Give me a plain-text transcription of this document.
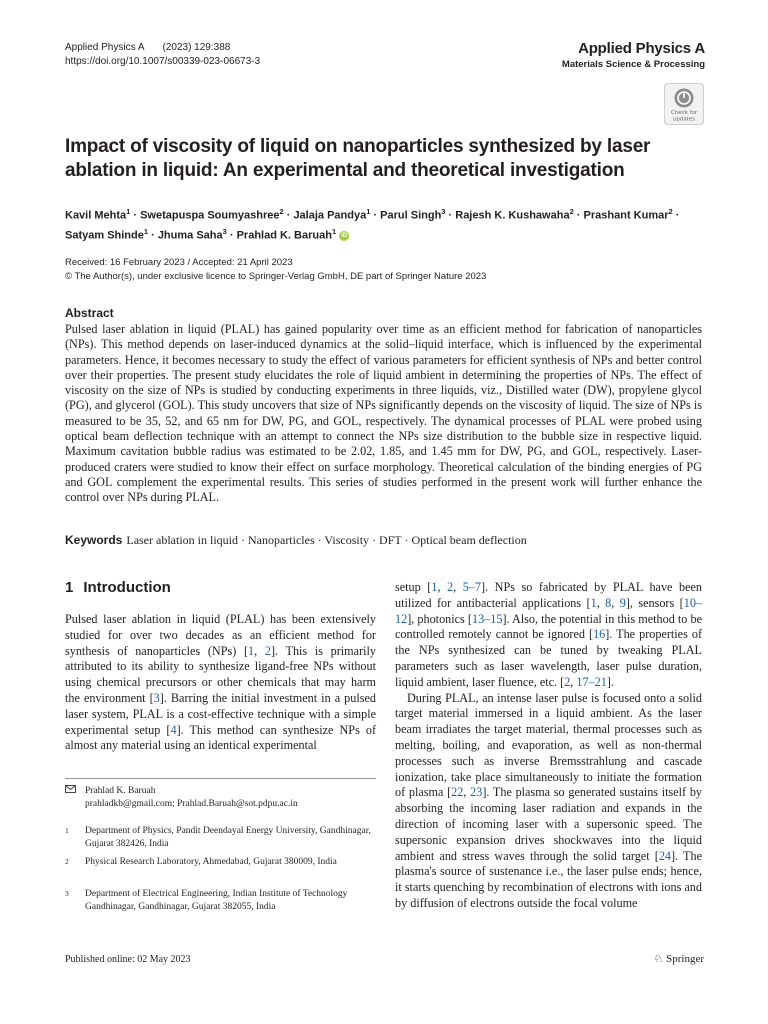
Applied Physics A (2023) 129:388
https://doi.org/10.1007/s00339-023-06673-3
Applied Physics A
Materials Science & Processing
Check for
updates
Impact of viscosity of liquid on nanoparticles synthesized by laser ablation in liquid: An experimental and theoretical investigation
Kavil Mehta$^1$ · Swetapuspa Soumyashree$^2$ · Jalaja Pandya$^1$ · Parul Singh$^3$ · Rajesh K. Kushawaha$^2$ · Prashant Kumar$^2$ · Satyam Shinde$^1$ · Jhuma Saha$^3$ · Prahlad K. Baruah$^1$ iD
Received: 16 February 2023 / Accepted: 21 April 2023
© The Author(s), under exclusive licence to Springer-Verlag GmbH, DE part of Springer Nature 2023
Abstract
Pulsed laser ablation in liquid (PLAL) has gained popularity over time as an efficient method for fabrication of nanoparticles (NPs). This method depends on laser-induced dynamics at the solid–liquid interface, which is influenced by the experimental parameters. Hence, it becomes necessary to study the effect of various parameters for efficient synthesis of NPs and better control over their properties. The present study elucidates the role of liquid ambient in determining the properties of NPs. The effect of viscosity on the size of NPs is studied by conducting experiments in three liquids, viz., Distilled water (DW), propylene glycol (PG), and glycerol (GOL). This study uncovers that size of NPs significantly depends on the viscosity of liquid. The size of NPs is measured to be 35, 52, and 65 nm for DW, PG, and GOL, respectively. The dynamical processes of PLAL were probed using optical beam deflection technique with an attempt to connect the NPs size distribution to the bubble size in respective liquid. Maximum cavitation bubble radius was estimated to be 2.02, 1.85, and 1.45 mm for DW, PG, and GOL, respectively. Laser-produced craters were studied to know their effect on surface morphology. Theoretical calculation of the binding energies of PG and GOL complement the experimental results. This series of studies performed in the present work will further enhance the control over NPs during PLAL.
Keywords Laser ablation in liquid · Nanoparticles · Viscosity · DFT · Optical beam deflection
1 Introduction

Pulsed laser ablation in liquid (PLAL) has been extensively studied for over two decades as an efficient method for synthesis of nanoparticles (NPs) [1, 2]. This is primarily attributed to its ability to synthesize ligand-free NPs without using chemical precursors or other chemicals that may harm the environment [3]. Barring the initial investment in a pulsed laser system, PLAL is a cost-effective technique with a simple experimental setup [4]. This method can synthesize NPs of almost any material using an identical experimental

setup [1, 2, 5–7]. NPs so fabricated by PLAL have been utilized for antibacterial applications [1, 8, 9], sensors [10–12], photonics [13–15]. Also, the potential in this method to be controlled remotely cannot be ignored [16]. The properties of the NPs synthesized can be tuned by tweaking PLAL parameters such as laser wavelength, laser pulse duration, liquid ambient, laser fluence, etc. [2, 17–21].

During PLAL, an intense laser pulse is focused onto a solid target material immersed in a liquid ambient. As the laser beam irradiates the target material, thermal processes such as melting, boiling, and evaporation, as well as non-thermal processes such as inverse Bremsstrahlung and cascade ionization, take place simultaneously to initiate the formation of plasma [22, 23]. The plasma so generated sustains itself by absorbing the incoming laser radiation and expands in the direction of incoming laser with a supersonic speed. The supersonic expansion drives shockwaves into the liquid ambient and stress waves through the solid target [24]. The plasma's source of sustenance i.e., the laser pulse ends; hence, it starts quenching by recombination of electrons with ions and by diffusion of electrons outside the focal volume

Prahlad K. Baruah
prahladkb@gmail.com; Prahlad.Baruah@sot.pdpu.ac.in
1	Department of Physics, Pandit Deendayal Energy University, Gandhinagar, Gujarat 382426, India
2	Physical Research Laboratory, Ahmedabad, Gujarat 380009, India
3	Department of Electrical Engineering, Indian Institute of Technology Gandhinagar, Gandhinagar, Gujarat 382055, India
Published online: 02 May 2023	♘ Springer
